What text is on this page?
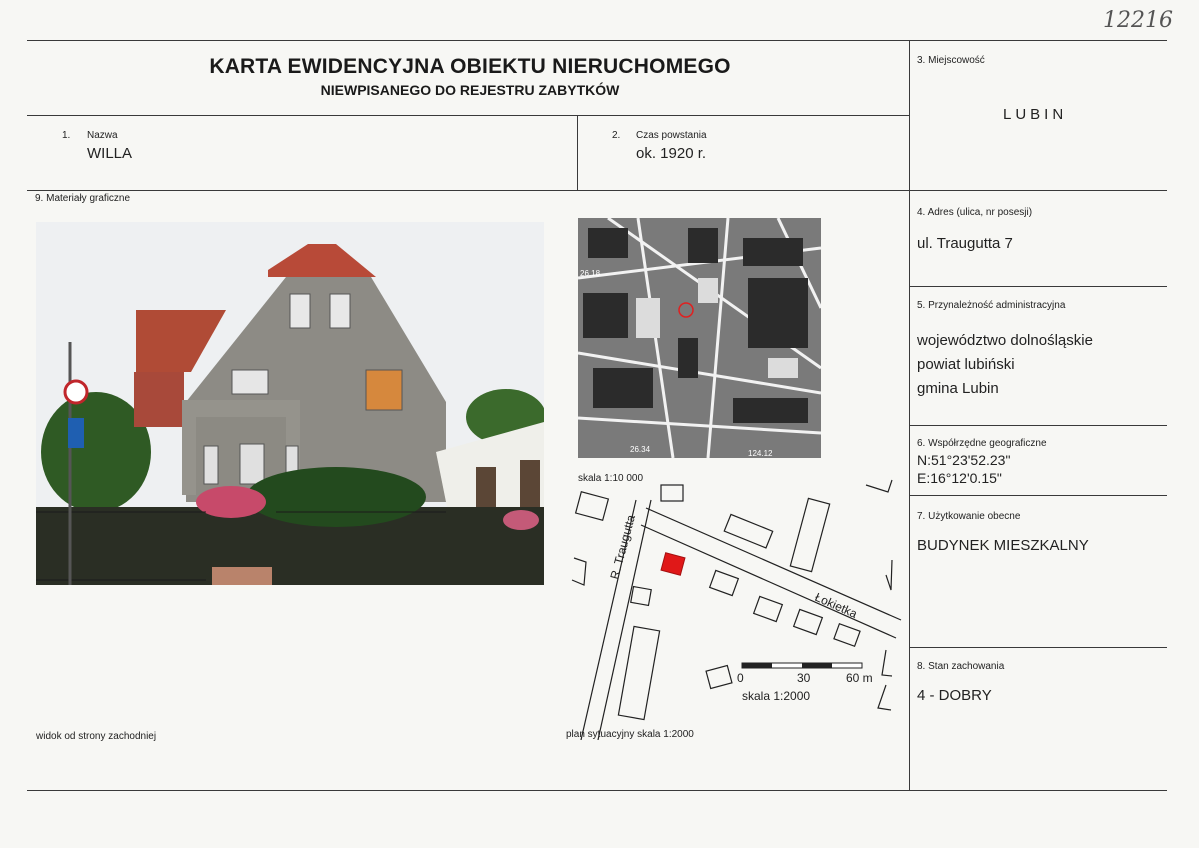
12216
KARTA EWIDENCYJNA OBIEKTU NIERUCHOMEGO
NIEWPISANEGO DO REJESTRU ZABYTKÓW
1. Nazwa
WILLA
2. Czas powstania
ok. 1920 r.
3. Miejscowość
LUBIN
9. Materiały graficzne
4. Adres (ulica, nr posesji)
ul. Traugutta 7
5. Przynależność administracyjna
województwo dolnośląskie
powiat lubiński
gmina Lubin
6. Współrzędne geograficzne
N:51°23'52.23"
E:16°12'0.15"
7. Użytkowanie obecne
BUDYNEK MIESZKALNY
8. Stan zachowania
4 - DOBRY
widok od strony zachodniej
26.18
26.34	124.12
skala 1:10 000
R. Traugutta
Łokietka
0	30	60 m
skala 1:2000
plan sytuacyjny skala 1:2000
